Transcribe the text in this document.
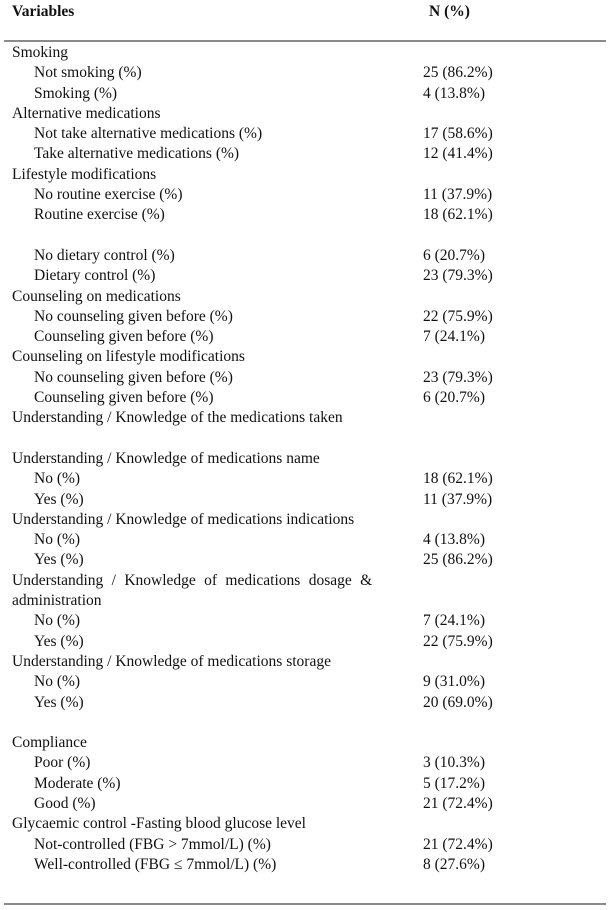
Variables	N (%)
Smoking
Not smoking (%)	25 (86.2%)
Smoking (%)	4 (13.8%)
Alternative medications
Not take alternative medications (%)	17 (58.6%)
Take alternative medications (%)	12 (41.4%)
Lifestyle modifications
No routine exercise (%)	11 (37.9%)
Routine exercise (%)	18 (62.1%)
No dietary control (%)	6 (20.7%)
Dietary control (%)	23 (79.3%)
Counseling on medications
No counseling given before (%)	22 (75.9%)
Counseling given before (%)	7 (24.1%)
Counseling on lifestyle modifications
No counseling given before (%)	23 (79.3%)
Counseling given before (%)	6 (20.7%)
Understanding / Knowledge of the medications taken
Understanding / Knowledge of medications name
No (%)	18 (62.1%)
Yes (%)	11 (37.9%)
Understanding / Knowledge of medications indications
No (%)	4 (13.8%)
Yes (%)	25 (86.2%)
Understanding / Knowledge of medications dosage &
administration
No (%)	7 (24.1%)
Yes (%)	22 (75.9%)
Understanding / Knowledge of medications storage
No (%)	9 (31.0%)
Yes (%)	20 (69.0%)
Compliance
Poor (%)	3 (10.3%)
Moderate (%)	5 (17.2%)
Good (%)	21 (72.4%)
Glycaemic control -Fasting blood glucose level
Not-controlled (FBG > 7mmol/L) (%)	21 (72.4%)
Well-controlled (FBG ≤ 7mmol/L) (%)	8 (27.6%)
